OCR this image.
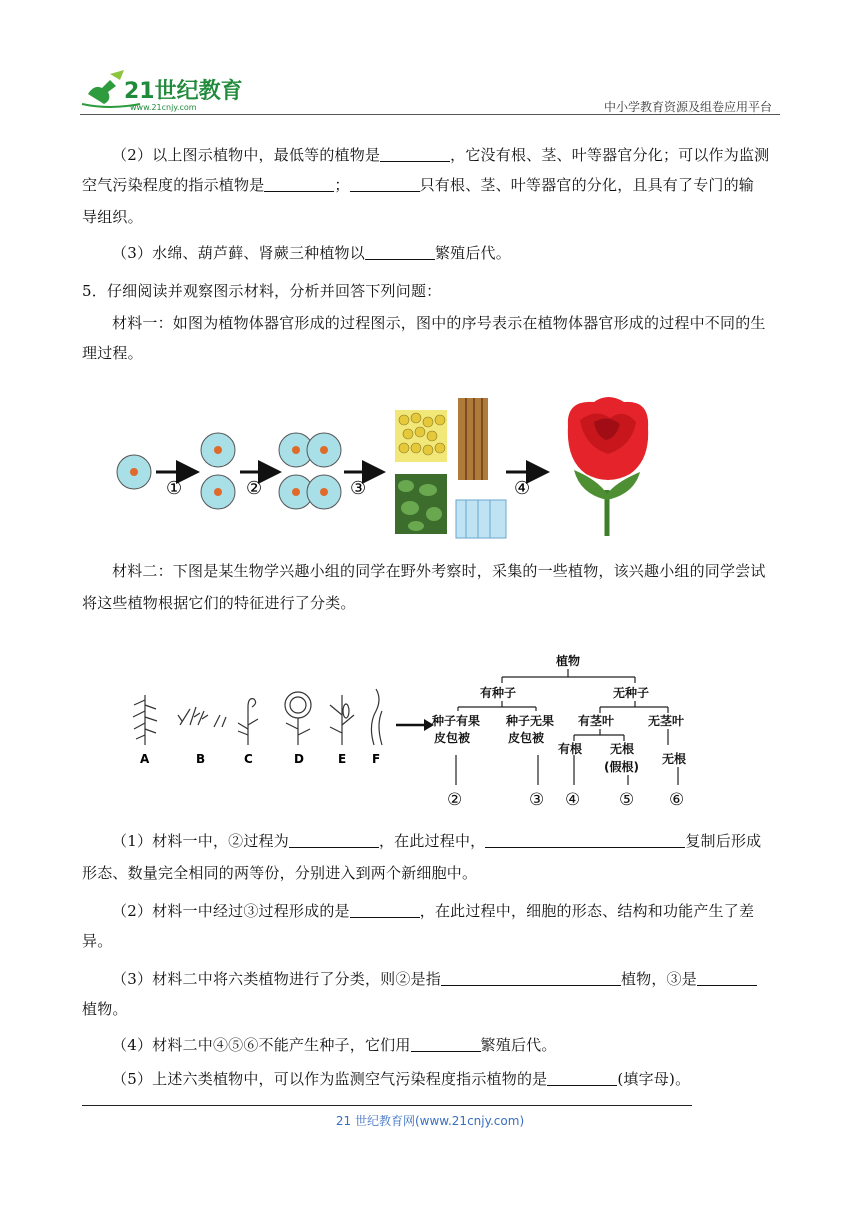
21世纪教育
www.21cnjy.com	中小学教育资源及组卷应用平台
（2）以上图示植物中，最低等的植物是	，它没有根、茎、叶等器官分化；可以作为监测
空气污染程度的指示植物是	；	只有根、茎、叶等器官的分化，且具有了专门的输
导组织。
（3）水绵、葫芦藓、肾蕨三种植物以	繁殖后代。
5．仔细阅读并观察图示材料，分析并回答下列问题：
材料一：如图为植物体器官形成的过程图示，图中的序号表示在植物体器官形成的过程中不同的生
理过程。
①	②	③	④
材料二：下图是某生物学兴趣小组的同学在野外考察时，采集的一些植物，该兴趣小组的同学尝试
将这些植物根据它们的特征进行了分类。
A	B	C	D	E F
植物
有种子	无种子
种子有果
皮包被
种子无果
皮包被
有茎叶	无茎叶
有根 无根
(假根)
无根
②	③ ④ ⑤ ⑥
（1）材料一中，②过程为	，在此过程中，	复制后形成
形态、数量完全相同的两等份，分别进入到两个新细胞中。
（2）材料一中经过③过程形成的是	，在此过程中，细胞的形态、结构和功能产生了差
异。
（3）材料二中将六类植物进行了分类，则②是指	植物，③是
植物。
（4）材料二中④⑤⑥不能产生种子，它们用	繁殖后代。
（5）上述六类植物中，可以作为监测空气污染程度指示植物的是	(填字母)。
21 世纪教育网(www.21cnjy.com)
